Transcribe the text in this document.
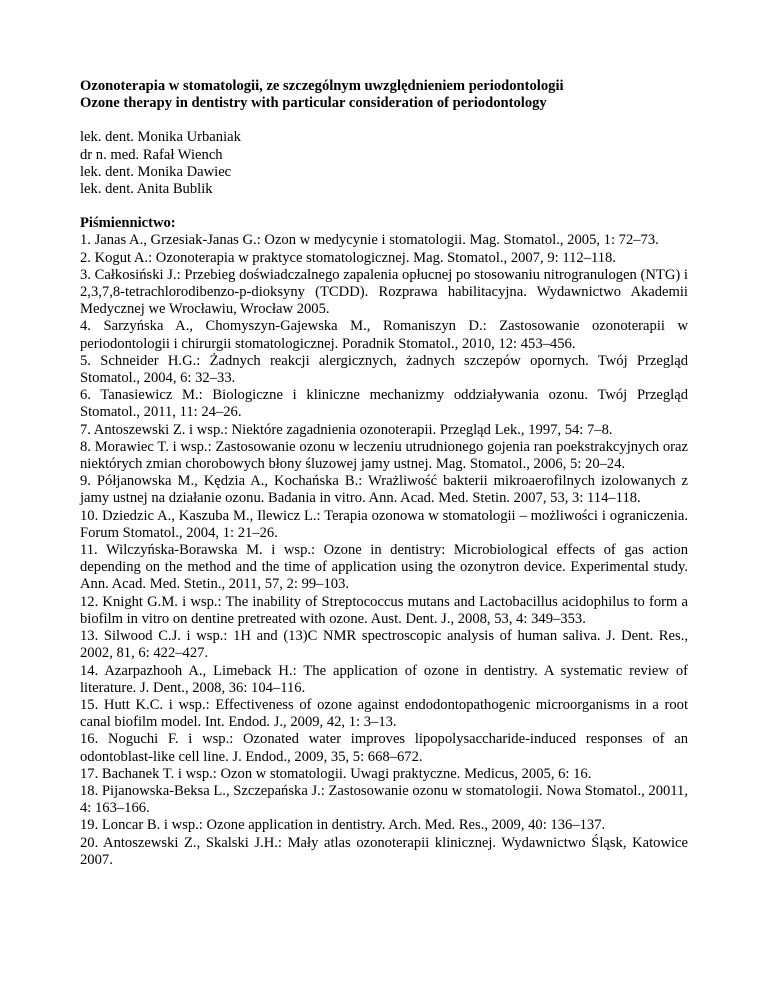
Ozonoterapia w stomatologii, ze szczególnym uwzględnieniem periodontologii

Ozone therapy in dentistry with particular consideration of periodontology

lek. dent. Monika Urbaniak

dr n. med. Rafał Wiench

lek. dent. Monika Dawiec

lek. dent. Anita Bublik

Piśmiennictwo:

1. Janas A., Grzesiak-Janas G.: Ozon w medycynie i stomatologii. Mag. Stomatol., 2005, 1: 72–73.

2. Kogut A.: Ozonoterapia w praktyce stomatologicznej. Mag. Stomatol., 2007, 9: 112–118.

3. Całkosiński J.: Przebieg doświadczalnego zapalenia opłucnej po stosowaniu nitrogranulogen (NTG) i 2,3,7,8-tetrachlorodibenzo-p-dioksyny (TCDD). Rozprawa habilitacyjna. Wydawnictwo Akademii Medycznej we Wrocławiu, Wrocław 2005.

4. Sarzyńska A., Chomyszyn-Gajewska M., Romaniszyn D.: Zastosowanie ozonoterapii w periodontologii i chirurgii stomatologicznej. Poradnik Stomatol., 2010, 12: 453–456.

5. Schneider H.G.: Żadnych reakcji alergicznych, żadnych szczepów opornych. Twój Przegląd Stomatol., 2004, 6: 32–33.

6. Tanasiewicz M.: Biologiczne i kliniczne mechanizmy oddziaływania ozonu. Twój Przegląd Stomatol., 2011, 11: 24–26.

7. Antoszewski Z. i wsp.: Niektóre zagadnienia ozonoterapii. Przegląd Lek., 1997, 54: 7–8.

8. Morawiec T. i wsp.: Zastosowanie ozonu w leczeniu utrudnionego gojenia ran poekstrakcyjnych oraz niektórych zmian chorobowych błony śluzowej jamy ustnej. Mag. Stomatol., 2006, 5: 20–24.

9. Półjanowska M., Kędzia A., Kochańska B.: Wrażliwość bakterii mikroaerofilnych izolowanych z jamy ustnej na działanie ozonu. Badania in vitro. Ann. Acad. Med. Stetin. 2007, 53, 3: 114–118.

10. Dziedzic A., Kaszuba M., Ilewicz L.: Terapia ozonowa w stomatologii – możliwości i ograniczenia. Forum Stomatol., 2004, 1: 21–26.

11. Wilczyńska-Borawska M. i wsp.: Ozone in dentistry: Microbiological effects of gas action depending on the method and the time of application using the ozonytron device. Experimental study. Ann. Acad. Med. Stetin., 2011, 57, 2: 99–103.

12. Knight G.M. i wsp.: The inability of Streptococcus mutans and Lactobacillus acidophilus to form a biofilm in vitro on dentine pretreated with ozone. Aust. Dent. J., 2008, 53, 4: 349–353.

13. Silwood C.J. i wsp.: 1H and (13)C NMR spectroscopic analysis of human saliva. J. Dent. Res., 2002, 81, 6: 422–427.

14. Azarpazhooh A., Limeback H.: The application of ozone in dentistry. A systematic review of literature. J. Dent., 2008, 36: 104–116.

15. Hutt K.C. i wsp.: Effectiveness of ozone against endodontopathogenic microorganisms in a root canal biofilm model. Int. Endod. J., 2009, 42, 1: 3–13.

16. Noguchi F. i wsp.: Ozonated water improves lipopolysaccharide-induced responses of an odontoblast-like cell line. J. Endod., 2009, 35, 5: 668–672.

17. Bachanek T. i wsp.: Ozon w stomatologii. Uwagi praktyczne. Medicus, 2005, 6: 16.

18. Pijanowska-Beksa L., Szczepańska J.: Zastosowanie ozonu w stomatologii. Nowa Stomatol., 20011, 4: 163–166.

19. Loncar B. i wsp.: Ozone application in dentistry. Arch. Med. Res., 2009, 40: 136–137.

20. Antoszewski Z., Skalski J.H.: Mały atlas ozonoterapii klinicznej. Wydawnictwo Śląsk, Katowice 2007.
